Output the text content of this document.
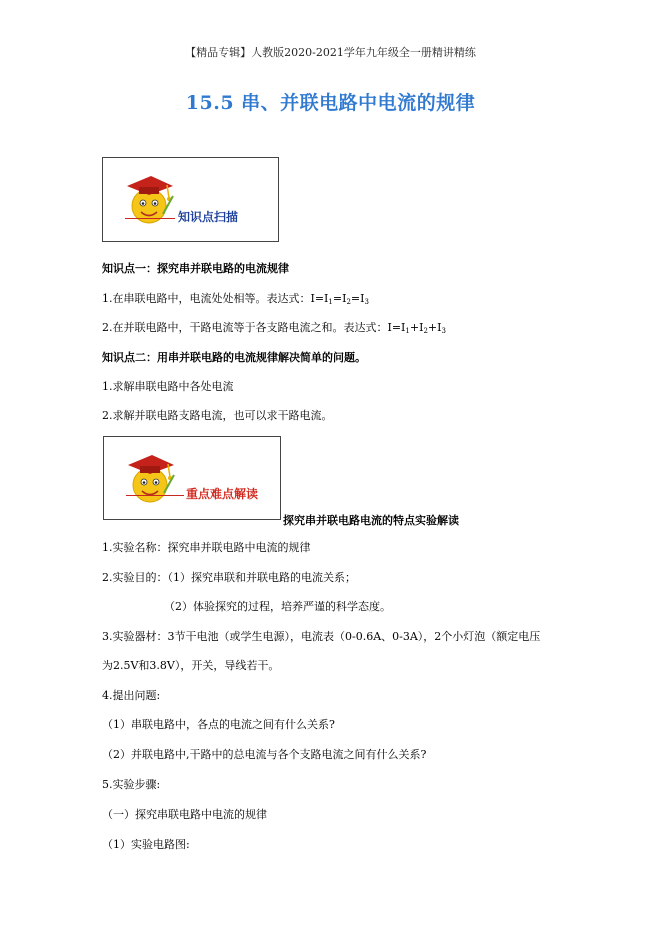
【精品专辑】人教版2020-2021学年九年级全一册精讲精练
15.5 串、并联电路中电流的规律
知识点扫描
知识点一：探究串并联电路的电流规律
1.在串联电路中，电流处处相等。表达式：$I=I_1=I_2=I_3$
2.在并联电路中，干路电流等于各支路电流之和。表达式：$I=I_1+I_2+I_3$
知识点二：用串并联电路的电流规律解决简单的问题。
1.求解串联电路中各处电流
2.求解并联电路支路电流，也可以求干路电流。
重点难点解读
探究串并联电路电流的特点实验解读
1.实验名称：探究串并联电路中电流的规律
2.实验目的：（1）探究串联和并联电路的电流关系；
（2）体验探究的过程，培养严谨的科学态度。
3.实验器材：3节干电池（或学生电源），电流表（0-0.6A、0-3A），2个小灯泡（额定电压
为2.5V和3.8V），开关，导线若干。
4.提出问题:
（1）串联电路中，各点的电流之间有什么关系?
（2）并联电路中,干路中的总电流与各个支路电流之间有什么关系?
5.实验步骤:
（一）探究串联电路中电流的规律
（1）实验电路图:
